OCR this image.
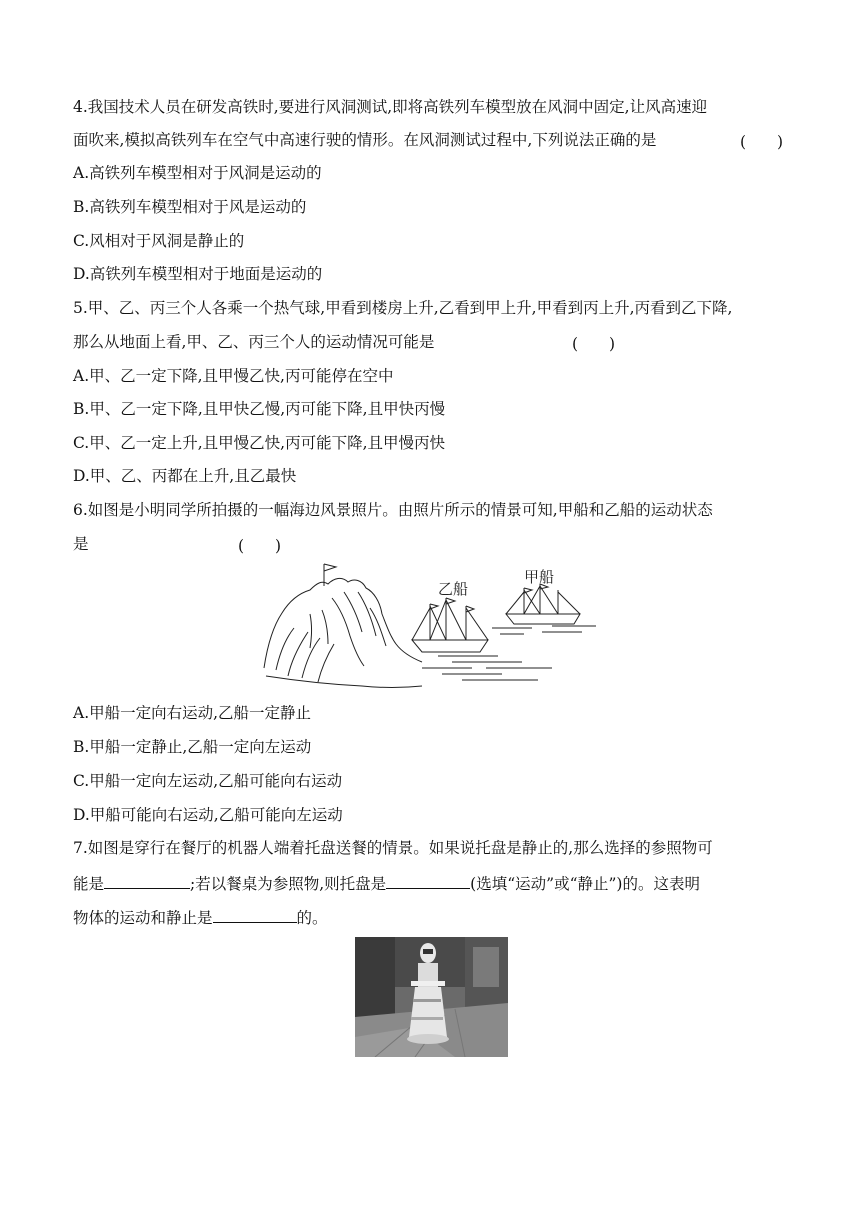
4.我国技术人员在研发高铁时,要进行风洞测试,即将高铁列车模型放在风洞中固定,让风高速迎
面吹来,模拟高铁列车在空气中高速行驶的情形。在风洞测试过程中,下列说法正确的是	(　　)
A.高铁列车模型相对于风洞是运动的
B.高铁列车模型相对于风是运动的
C.风相对于风洞是静止的
D.高铁列车模型相对于地面是运动的
5.甲、乙、丙三个人各乘一个热气球,甲看到楼房上升,乙看到甲上升,甲看到丙上升,丙看到乙下降,
那么从地面上看,甲、乙、丙三个人的运动情况可能是	(　　)
A.甲、乙一定下降,且甲慢乙快,丙可能停在空中
B.甲、乙一定下降,且甲快乙慢,丙可能下降,且甲快丙慢
C.甲、乙一定上升,且甲慢乙快,丙可能下降,且甲慢丙快
D.甲、乙、丙都在上升,且乙最快
6.如图是小明同学所拍摄的一幅海边风景照片。由照片所示的情景可知,甲船和乙船的运动状态
是	(　　)
乙船
甲船
A.甲船一定向右运动,乙船一定静止
B.甲船一定静止,乙船一定向左运动
C.甲船一定向左运动,乙船可能向右运动
D.甲船可能向右运动,乙船可能向左运动
7.如图是穿行在餐厅的机器人端着托盘送餐的情景。如果说托盘是静止的,那么选择的参照物可
能是	;若以餐桌为参照物,则托盘是	(选填“运动”或“静止”)的。这表明
物体的运动和静止是	的。
